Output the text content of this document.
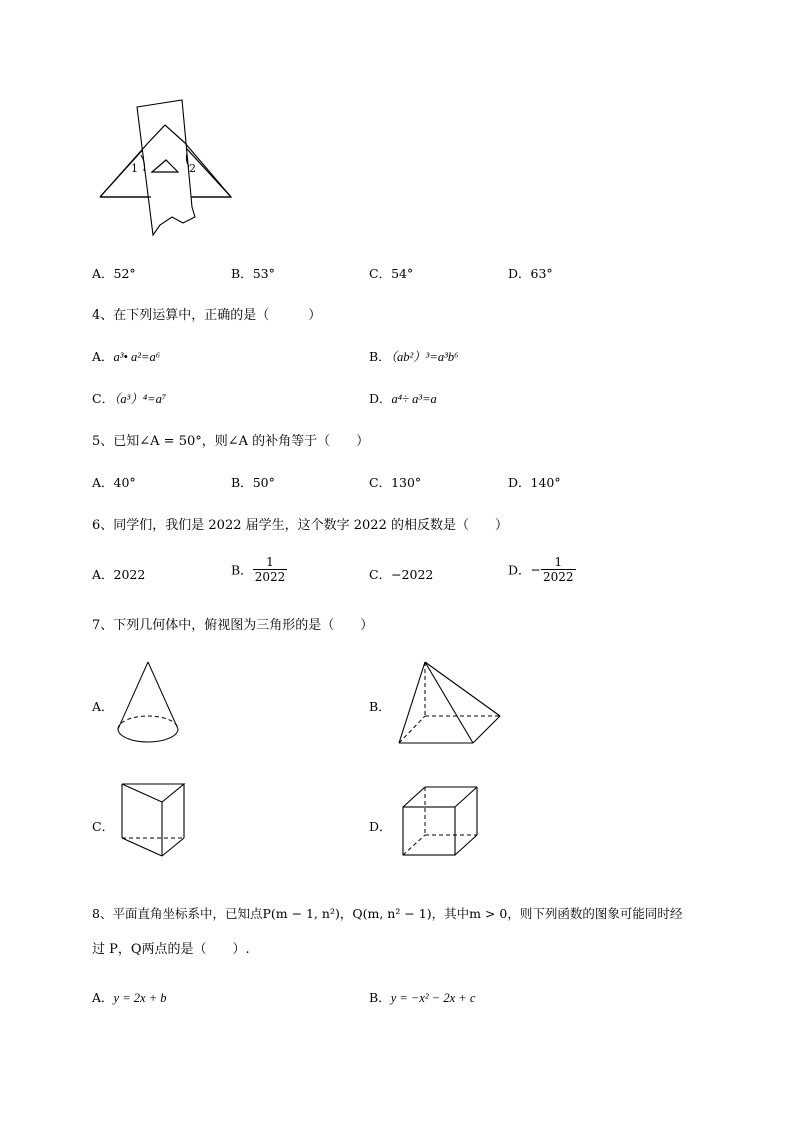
1	2
A．52°	B．53°	C．54°	D．63°
4、在下列运算中，正确的是（　　　）
A．a³• a²=a⁶	B．（ab²）³=a³b⁶
C．（a³）⁴=a⁷	D．a⁴÷ a³=a
5、已知∠A = 50°，则∠A 的补角等于（　　）
A．40°	B．50°	C．130°	D．140°
6、同学们，我们是 2022 届学生，这个数字 2022 的相反数是（　　）
A．2022	B． $\frac{1}{2022}$	C．−2022	D．− $\frac{1}{2022}$
7、下列几何体中，俯视图为三角形的是（　　）
A．	B．
C．	D．
8、平面直角坐标系中，已知点P(m − 1, n²)，Q(m, n² − 1)，其中m > 0，则下列函数的图象可能同时经
过 P，Q两点的是（　　）.
A．y = 2x + b	B．y = −x² − 2x + c
